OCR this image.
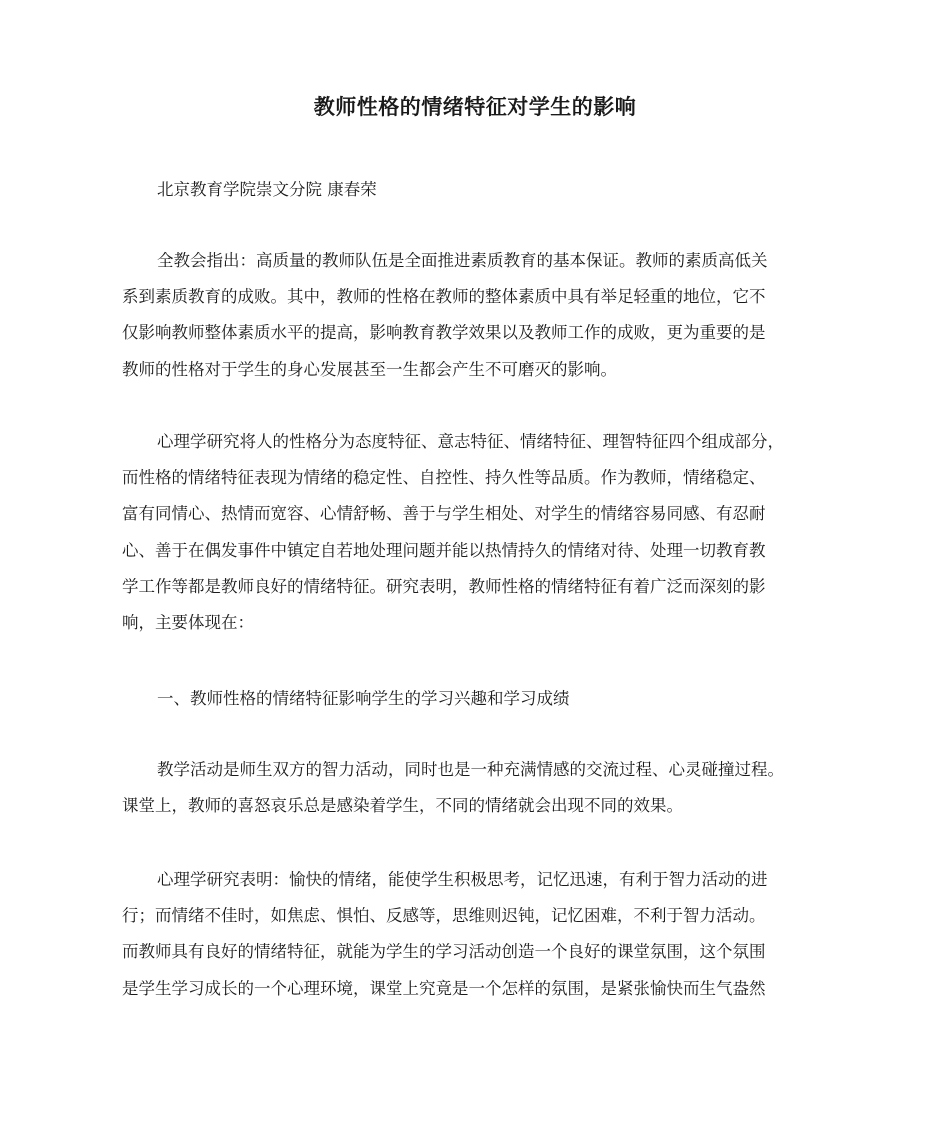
教师性格的情绪特征对学生的影响
北京教育学院崇文分院 康春荣
全教会指出：高质量的教师队伍是全面推进素质教育的基本保证。教师的素质高低关
系到素质教育的成败。其中，教师的性格在教师的整体素质中具有举足轻重的地位，它不
仅影响教师整体素质水平的提高，影响教育教学效果以及教师工作的成败，更为重要的是
教师的性格对于学生的身心发展甚至一生都会产生不可磨灭的影响。
心理学研究将人的性格分为态度特征、意志特征、情绪特征、理智特征四个组成部分，
而性格的情绪特征表现为情绪的稳定性、自控性、持久性等品质。作为教师，情绪稳定、
富有同情心、热情而宽容、心情舒畅、善于与学生相处、对学生的情绪容易同感、有忍耐
心、善于在偶发事件中镇定自若地处理问题并能以热情持久的情绪对待、处理一切教育教
学工作等都是教师良好的情绪特征。研究表明，教师性格的情绪特征有着广泛而深刻的影
响，主要体现在：
一、教师性格的情绪特征影响学生的学习兴趣和学习成绩
教学活动是师生双方的智力活动，同时也是一种充满情感的交流过程、心灵碰撞过程。
课堂上，教师的喜怒哀乐总是感染着学生，不同的情绪就会出现不同的效果。
心理学研究表明：愉快的情绪，能使学生积极思考，记忆迅速，有利于智力活动的进
行；而情绪不佳时，如焦虑、惧怕、反感等，思维则迟钝，记忆困难，不利于智力活动。
而教师具有良好的情绪特征，就能为学生的学习活动创造一个良好的课堂氛围，这个氛围
是学生学习成长的一个心理环境，课堂上究竟是一个怎样的氛围，是紧张愉快而生气盎然
